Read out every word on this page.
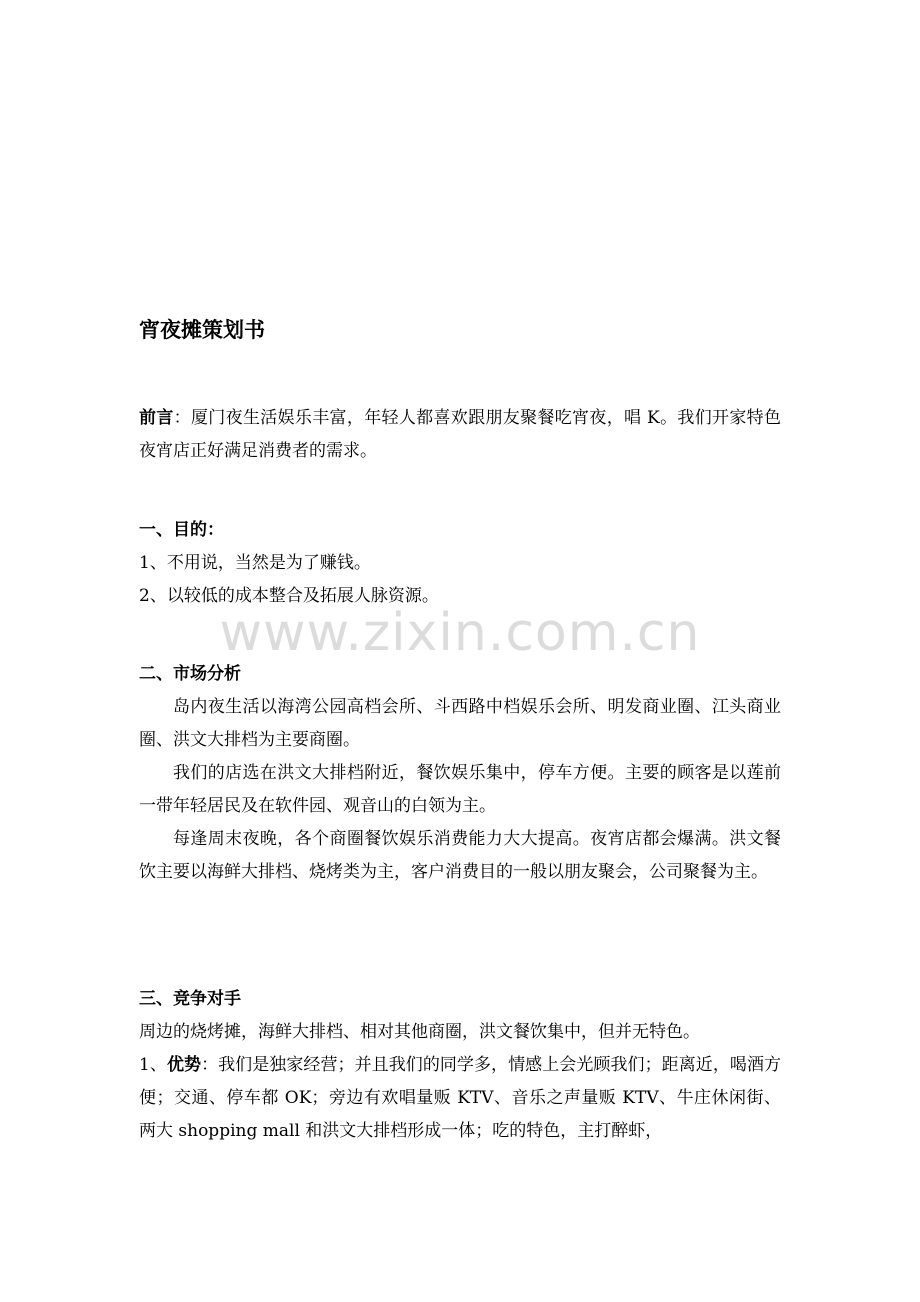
www.zixin.com.cn
宵夜摊策划书

前言：厦门夜生活娱乐丰富，年轻人都喜欢跟朋友聚餐吃宵夜，唱 K。我们开家特色夜宵店正好满足消费者的需求。

一、目的：

1、不用说，当然是为了赚钱。

2、以较低的成本整合及拓展人脉资源。

二、市场分析

岛内夜生活以海湾公园高档会所、斗西路中档娱乐会所、明发商业圈、江头商业圈、洪文大排档为主要商圈。

我们的店选在洪文大排档附近，餐饮娱乐集中，停车方便。主要的顾客是以莲前一带年轻居民及在软件园、观音山的白领为主。

每逢周末夜晚，各个商圈餐饮娱乐消费能力大大提高。夜宵店都会爆满。洪文餐饮主要以海鲜大排档、烧烤类为主，客户消费目的一般以朋友聚会，公司聚餐为主。

三、竞争对手

周边的烧烤摊，海鲜大排档、相对其他商圈，洪文餐饮集中，但并无特色。

1、优势：我们是独家经营；并且我们的同学多，情感上会光顾我们；距离近，喝酒方便；交通、停车都 OK；旁边有欢唱量贩 KTV、音乐之声量贩 KTV、牛庄休闲街、两大 shopping mall 和洪文大排档形成一体；吃的特色，主打醉虾，
